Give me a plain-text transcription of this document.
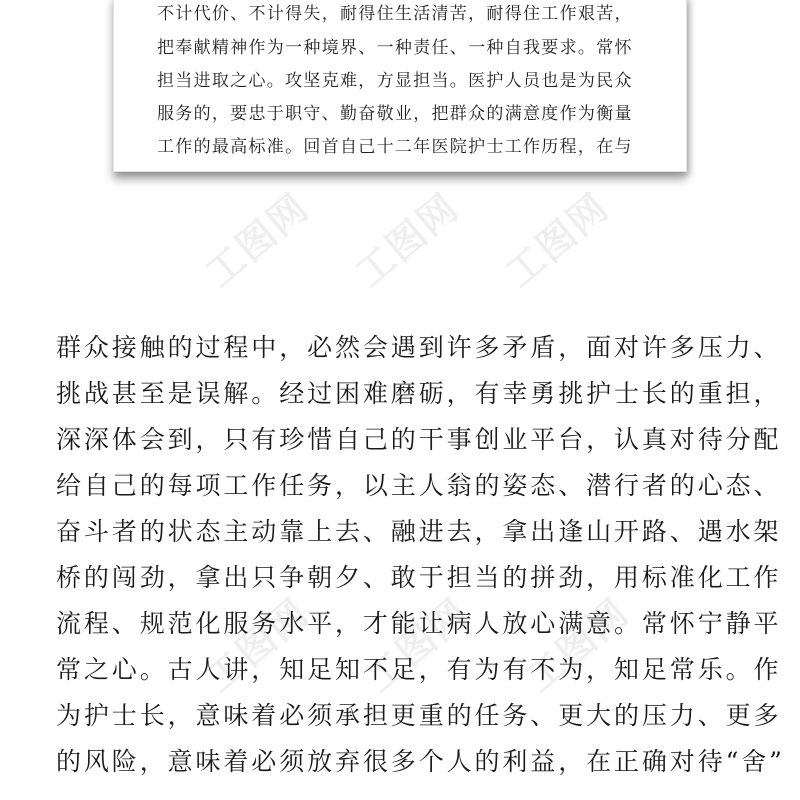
工图网 工图网 工图网
工图网 工图网 工图网
不计代价、不计得失，耐得住生活清苦，耐得住工作艰苦，
把奉献精神作为一种境界、一种责任、一种自我要求。常怀
担当进取之心。攻坚克难，方显担当。医护人员也是为民众
服务的，要忠于职守、勤奋敬业，把群众的满意度作为衡量
工作的最高标准。回首自己十二年医院护士工作历程，在与
群众接触的过程中，必然会遇到许多矛盾，面对许多压力、
挑战甚至是误解。经过困难磨砺，有幸勇挑护士长的重担，
深深体会到，只有珍惜自己的干事创业平台，认真对待分配
给自己的每项工作任务，以主人翁的姿态、潜行者的心态、
奋斗者的状态主动靠上去、融进去，拿出逢山开路、遇水架
桥的闯劲，拿出只争朝夕、敢于担当的拼劲，用标准化工作
流程、规范化服务水平，才能让病人放心满意。常怀宁静平
常之心。古人讲，知足知不足，有为有不为，知足常乐。作
为护士长，意味着必须承担更重的任务、更大的压力、更多
的风险，意味着必须放弃很多个人的利益，在正确对待“舍”
